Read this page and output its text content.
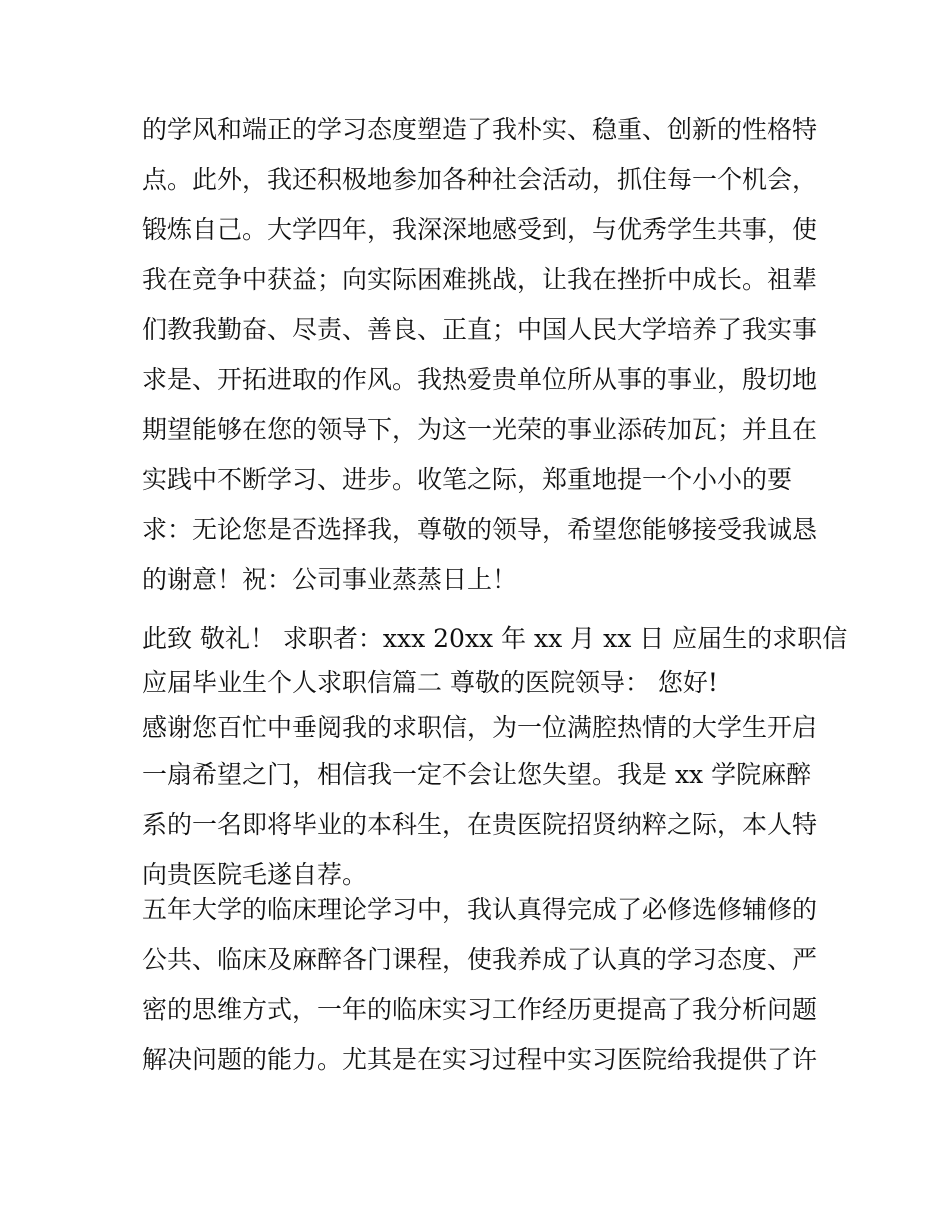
的学风和端正的学习态度塑造了我朴实、稳重、创新的性格特
点。此外，我还积极地参加各种社会活动，抓住每一个机会，
锻炼自己。大学四年，我深深地感受到，与优秀学生共事，使
我在竞争中获益；向实际困难挑战，让我在挫折中成长。祖辈
们教我勤奋、尽责、善良、正直；中国人民大学培养了我实事
求是、开拓进取的作风。我热爱贵单位所从事的事业，殷切地
期望能够在您的领导下，为这一光荣的事业添砖加瓦；并且在
实践中不断学习、进步。收笔之际，郑重地提一个小小的要
求：无论您是否选择我，尊敬的领导，希望您能够接受我诚恳
的谢意！祝：公司事业蒸蒸日上！
此致 敬礼！ 求职者：xxx 20xx 年 xx 月 xx 日 应届生的求职信
应届毕业生个人求职信篇二 尊敬的医院领导： 您好!
感谢您百忙中垂阅我的求职信，为一位满腔热情的大学生开启
一扇希望之门，相信我一定不会让您失望。我是 xx 学院麻醉
系的一名即将毕业的本科生，在贵医院招贤纳粹之际，本人特
向贵医院毛遂自荐。
五年大学的临床理论学习中，我认真得完成了必修选修辅修的
公共、临床及麻醉各门课程，使我养成了认真的学习态度、严
密的思维方式，一年的临床实习工作经历更提高了我分析问题
解决问题的能力。尤其是在实习过程中实习医院给我提供了许
